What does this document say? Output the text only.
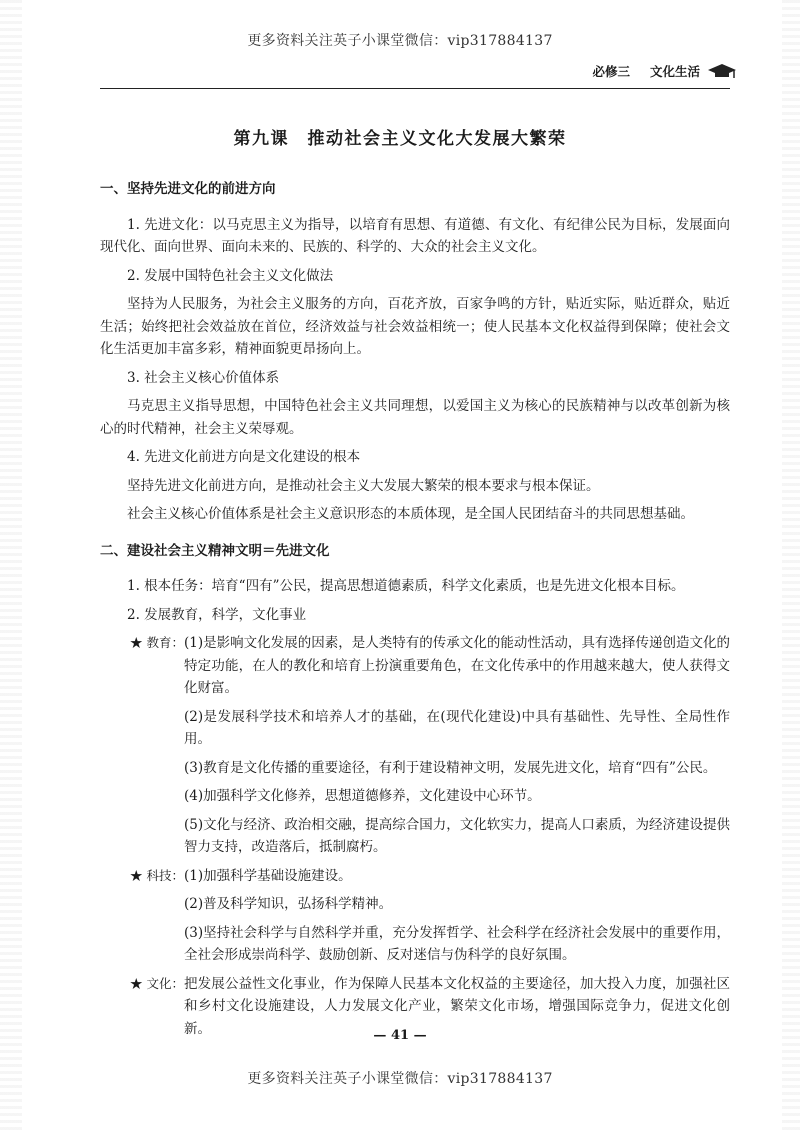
更多资料关注英子小课堂微信：vip317884137
必修三 文化生活
第九课　推动社会主义文化大发展大繁荣
一、坚持先进文化的前进方向

1. 先进文化：以马克思主义为指导，以培育有思想、有道德、有文化、有纪律公民为目标，发展面向现代化、面向世界、面向未来的、民族的、科学的、大众的社会主义文化。

2. 发展中国特色社会主义文化做法

坚持为人民服务，为社会主义服务的方向，百花齐放，百家争鸣的方针，贴近实际，贴近群众，贴近生活；始终把社会效益放在首位，经济效益与社会效益相统一；使人民基本文化权益得到保障；使社会文化生活更加丰富多彩，精神面貌更昂扬向上。

3. 社会主义核心价值体系

马克思主义指导思想，中国特色社会主义共同理想，以爱国主义为核心的民族精神与以改革创新为核心的时代精神，社会主义荣辱观。

4. 先进文化前进方向是文化建设的根本

坚持先进文化前进方向，是推动社会主义大发展大繁荣的根本要求与根本保证。

社会主义核心价值体系是社会主义意识形态的本质体现，是全国人民团结奋斗的共同思想基础。

二、建设社会主义精神文明＝先进文化

1. 根本任务：培育“四有”公民，提高思想道德素质，科学文化素质，也是先进文化根本目标。

2. 发展教育，科学，文化事业

★ 教育： (1)是影响文化发展的因素，是人类特有的传承文化的能动性活动，具有选择传递创造文化的特定功能，在人的教化和培育上扮演重要角色，在文化传承中的作用越来越大，使人获得文化财富。
(2)是发展科学技术和培养人才的基础，在(现代化建设)中具有基础性、先导性、全局性作用。
(3)教育是文化传播的重要途径，有利于建设精神文明，发展先进文化，培育“四有”公民。
(4)加强科学文化修养，思想道德修养，文化建设中心环节。
(5)文化与经济、政治相交融，提高综合国力，文化软实力，提高人口素质，为经济建设提供智力支持，改造落后，抵制腐朽。
★ 科技： (1)加强科学基础设施建设。
(2)普及科学知识，弘扬科学精神。
(3)坚持社会科学与自然科学并重，充分发挥哲学、社会科学在经济社会发展中的重要作用，全社会形成崇尚科学、鼓励创新、反对迷信与伪科学的良好氛围。
★ 文化： 把发展公益性文化事业，作为保障人民基本文化权益的主要途径，加大投入力度，加强社区和乡村文化设施建设，人力发展文化产业，繁荣文化市场，增强国际竞争力，促进文化创新。	— 41 —
更多资料关注英子小课堂微信：vip317884137
